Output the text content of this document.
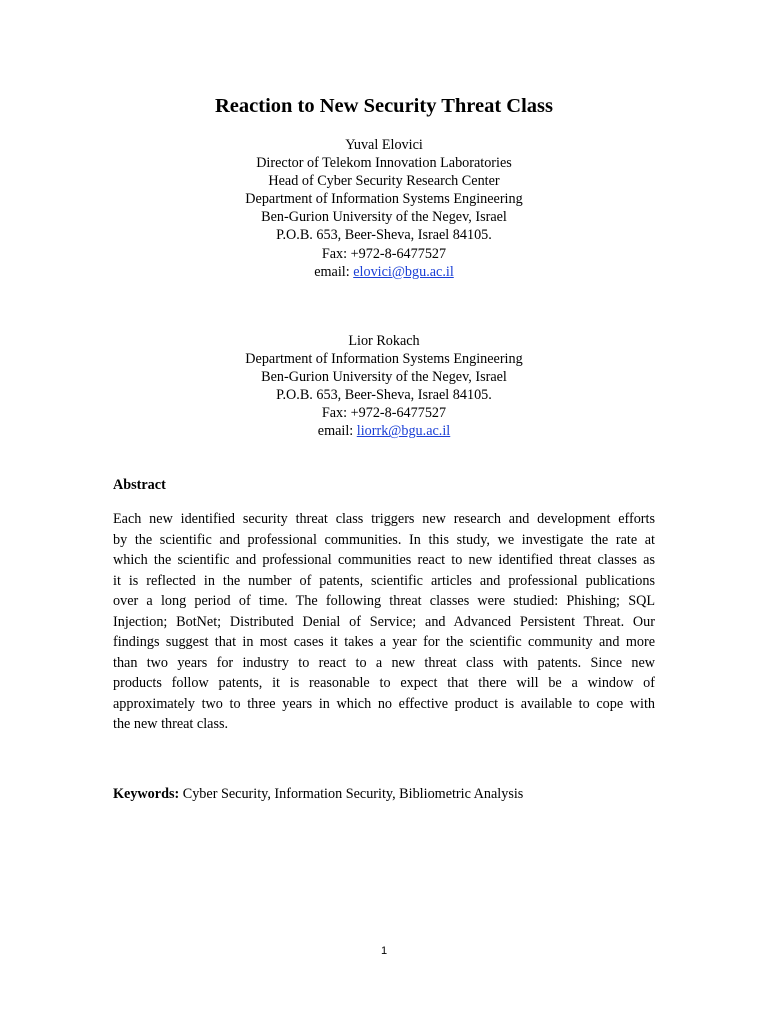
Reaction to New Security Threat Class
Yuval Elovici
Director of Telekom Innovation Laboratories
Head of Cyber Security Research Center
Department of Information Systems Engineering
Ben-Gurion University of the Negev, Israel
P.O.B. 653, Beer-Sheva, Israel 84105.
Fax: +972-8-6477527
email: elovici@bgu.ac.il
Lior Rokach
Department of Information Systems Engineering
Ben-Gurion University of the Negev, Israel
P.O.B. 653, Beer-Sheva, Israel 84105.
Fax: +972-8-6477527
email: liorrk@bgu.ac.il
Abstract
Each new identified security threat class triggers new research and development efforts
by the scientific and professional communities. In this study, we investigate the rate at
which the scientific and professional communities react to new identified threat classes as
it is reflected in the number of patents, scientific articles and professional publications
over a long period of time. The following threat classes were studied: Phishing; SQL
Injection; BotNet; Distributed Denial of Service; and Advanced Persistent Threat. Our
findings suggest that in most cases it takes a year for the scientific community and more
than two years for industry to react to a new threat class with patents. Since new
products follow patents, it is reasonable to expect that there will be a window of
approximately two to three years in which no effective product is available to cope with
the new threat class.
Keywords: Cyber Security, Information Security, Bibliometric Analysis
1
